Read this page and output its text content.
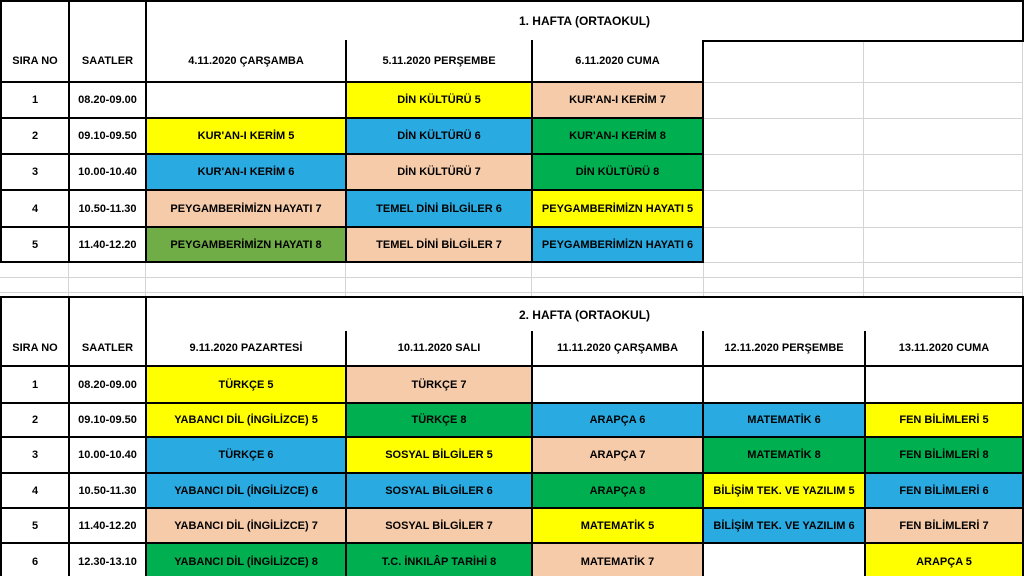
		1. HAFTA (ORTAOKUL)
SIRA NO	SAATLER	4.11.2020 ÇARŞAMBA	5.11.2020 PERŞEMBE	6.11.2020 CUMA
1	08.20-09.00		DİN KÜLTÜRÜ 5	KUR'AN-I KERİM 7
2	09.10-09.50	KUR'AN-I KERİM 5	DİN KÜLTÜRÜ 6	KUR'AN-I KERİM 8
3	10.00-10.40	KUR'AN-I KERİM 6	DİN KÜLTÜRÜ 7	DİN KÜLTÜRÜ 8
4	10.50-11.30	PEYGAMBERİMİZN HAYATI 7	TEMEL DİNİ BİLGİLER 6	PEYGAMBERİMİZN HAYATI 5
5	11.40-12.20	PEYGAMBERİMİZN HAYATI 8	TEMEL DİNİ BİLGİLER 7	PEYGAMBERİMİZN HAYATI 6
		2. HAFTA (ORTAOKUL)
SIRA NO	SAATLER	9.11.2020 PAZARTESİ	10.11.2020 SALI	11.11.2020 ÇARŞAMBA	12.11.2020 PERŞEMBE	13.11.2020 CUMA
1	08.20-09.00	TÜRKÇE 5	TÜRKÇE 7			
2	09.10-09.50	YABANCI DİL (İNGİLİZCE) 5	TÜRKÇE 8	ARAPÇA 6	MATEMATİK 6	FEN BİLİMLERİ 5
3	10.00-10.40	TÜRKÇE 6	SOSYAL BİLGİLER 5	ARAPÇA 7	MATEMATİK 8	FEN BİLİMLERİ 8
4	10.50-11.30	YABANCI DİL (İNGİLİZCE) 6	SOSYAL BİLGİLER 6	ARAPÇA 8	BİLİŞİM TEK. VE YAZILIM 5	FEN BİLİMLERİ 6
5	11.40-12.20	YABANCI DİL (İNGİLİZCE) 7	SOSYAL BİLGİLER 7	MATEMATİK 5	BİLİŞİM TEK. VE YAZILIM 6	FEN BİLİMLERİ 7
6	12.30-13.10	YABANCI DİL (İNGİLİZCE) 8	T.C. İNKILÂP TARİHİ 8	MATEMATİK 7		ARAPÇA 5
